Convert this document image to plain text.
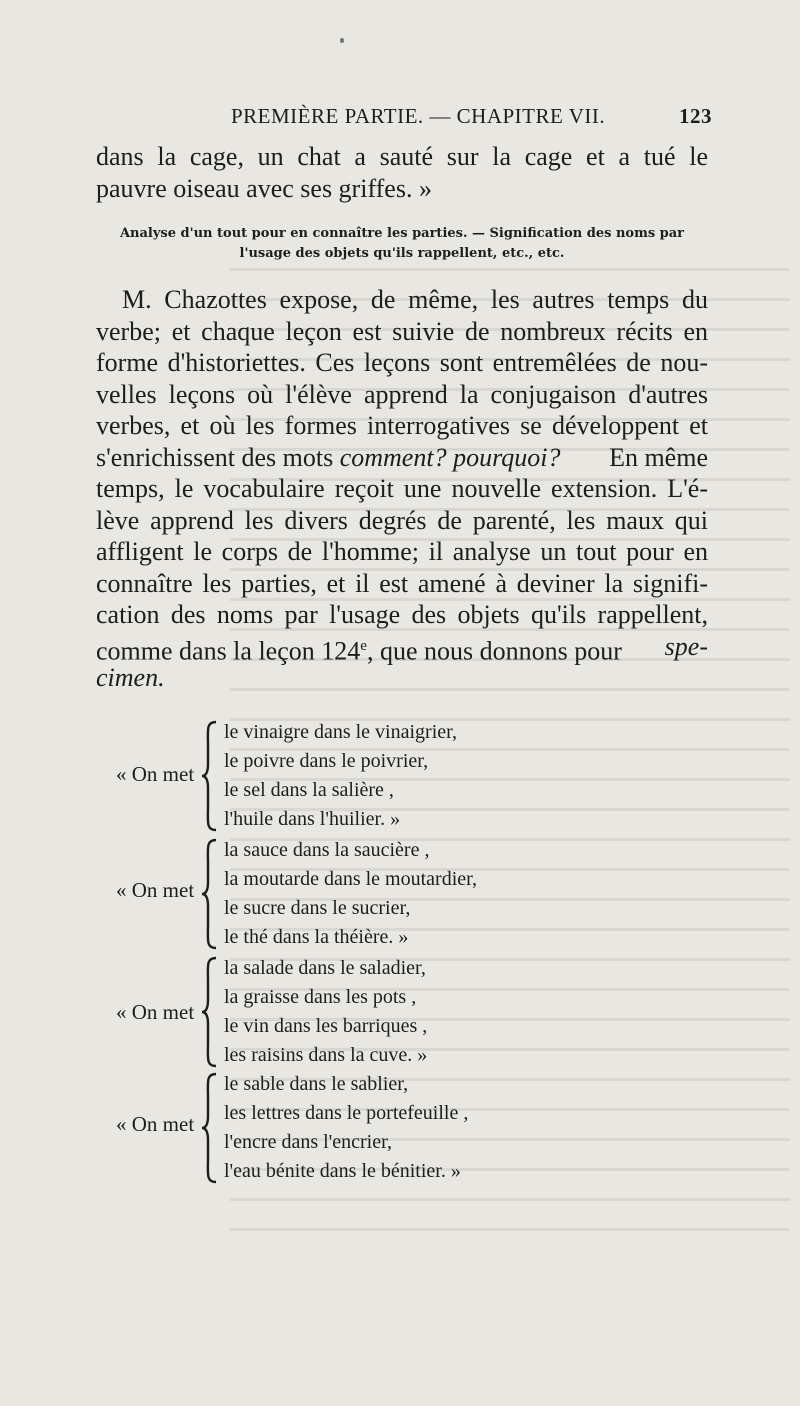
PREMIÈRE PARTIE. — CHAPITRE VII.	123
dans la cage, un chat a sauté sur la cage et a tué le
pauvre oiseau avec ses griffes. »
Analyse d'un tout pour en connaître les parties. — Signification des noms par
l'usage des objets qu'ils rappellent, etc., etc.
M. Chazottes expose, de même, les autres temps du
verbe; et chaque leçon est suivie de nombreux récits en
forme d'historiettes. Ces leçons sont entremêlées de nou-
velles leçons où l'élève apprend la conjugaison d'autres
verbes, et où les formes interrogatives se développent et
s'enrichissent des mots comment? pourquoi? En même
temps, le vocabulaire reçoit une nouvelle extension. L'é-
lève apprend les divers degrés de parenté, les maux qui
affligent le corps de l'homme; il analyse un tout pour en
connaître les parties, et il est amené à deviner la signifi-
cation des noms par l'usage des objets qu'ils rappellent,
comme dans la leçon 124e, que nous donnons pour spe-
cimen.
« On met
le vinaigre dans le vinaigrier,
le poivre dans le poivrier,
le sel dans la salière ,
l'huile dans l'huilier. »
« On met
la sauce dans la saucière ,
la moutarde dans le moutardier,
le sucre dans le sucrier,
le thé dans la théière. »
« On met
la salade dans le saladier,
la graisse dans les pots ,
le vin dans les barriques ,
les raisins dans la cuve. »
« On met
le sable dans le sablier,
les lettres dans le portefeuille ,
l'encre dans l'encrier,
l'eau bénite dans le bénitier. »
